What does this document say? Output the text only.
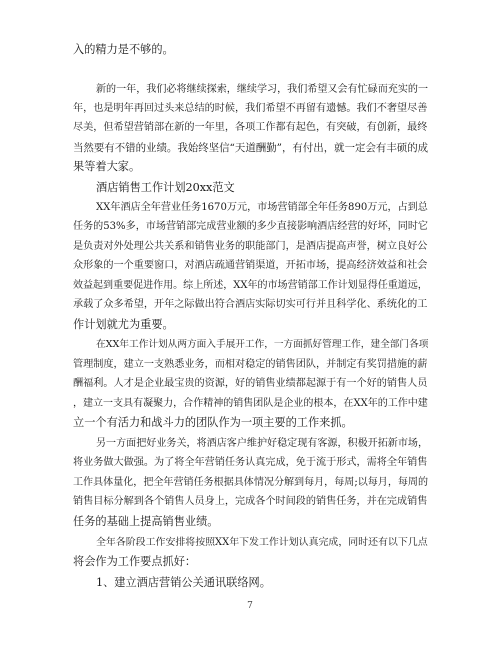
入的精力是不够的。
新的一年，我们必将继续探索，继续学习，我们希望又会有忙碌而充实的一
年，也是明年再回过头来总结的时候，我们希望不再留有遗憾。我们不奢望尽善
尽美，但希望营销部在新的一年里，各项工作都有起色，有突破，有创新，最终
当然要有不错的业绩。我始终坚信“天道酬勤”，有付出，就一定会有丰硕的成
果等着大家。
酒店销售工作计划20xx范文
XX年酒店全年营业任务1670万元，市场营销部全年任务890万元，占到总
任务的53%多，市场营销部完成营业额的多少直接影响酒店经营的好坏，同时它
是负责对外处理公共关系和销售业务的职能部门，是酒店提高声誉，树立良好公
众形象的一个重要窗口，对酒店疏通营销渠道，开拓市场，提高经济效益和社会
效益起到重要促进作用。综上所述，XX年的市场营销部工作计划显得任重道远，
承载了众多希望，开年之际做出符合酒店实际切实可行并且科学化、系统化的工
作计划就尤为重要。
在XX年工作计划从两方面入手展开工作，一方面抓好管理工作，建全部门各项
管理制度，建立一支熟悉业务，而相对稳定的销售团队，并制定有奖罚措施的薪
酬福利。人才是企业最宝贵的资源，好的销售业绩都起源于有一个好的销售人员
，建立一支具有凝聚力，合作精神的销售团队是企业的根本，在XX年的工作中建
立一个有活力和战斗力的团队作为一项主要的工作来抓。
另一方面把好业务关，将酒店客户维护好稳定现有客源，积极开拓新市场，
将业务做大做强。为了将全年营销任务认真完成，免于流于形式，需将全年销售
工作具体量化，把全年营销任务根据具体情况分解到每月，每周;以每月，每周的
销售目标分解到各个销售人员身上，完成各个时间段的销售任务，并在完成销售
任务的基础上提高销售业绩。
全年各阶段工作安排将按照XX年下发工作计划认真完成，同时还有以下几点
将会作为工作要点抓好：
1、建立酒店营销公关通讯联络网。
7
